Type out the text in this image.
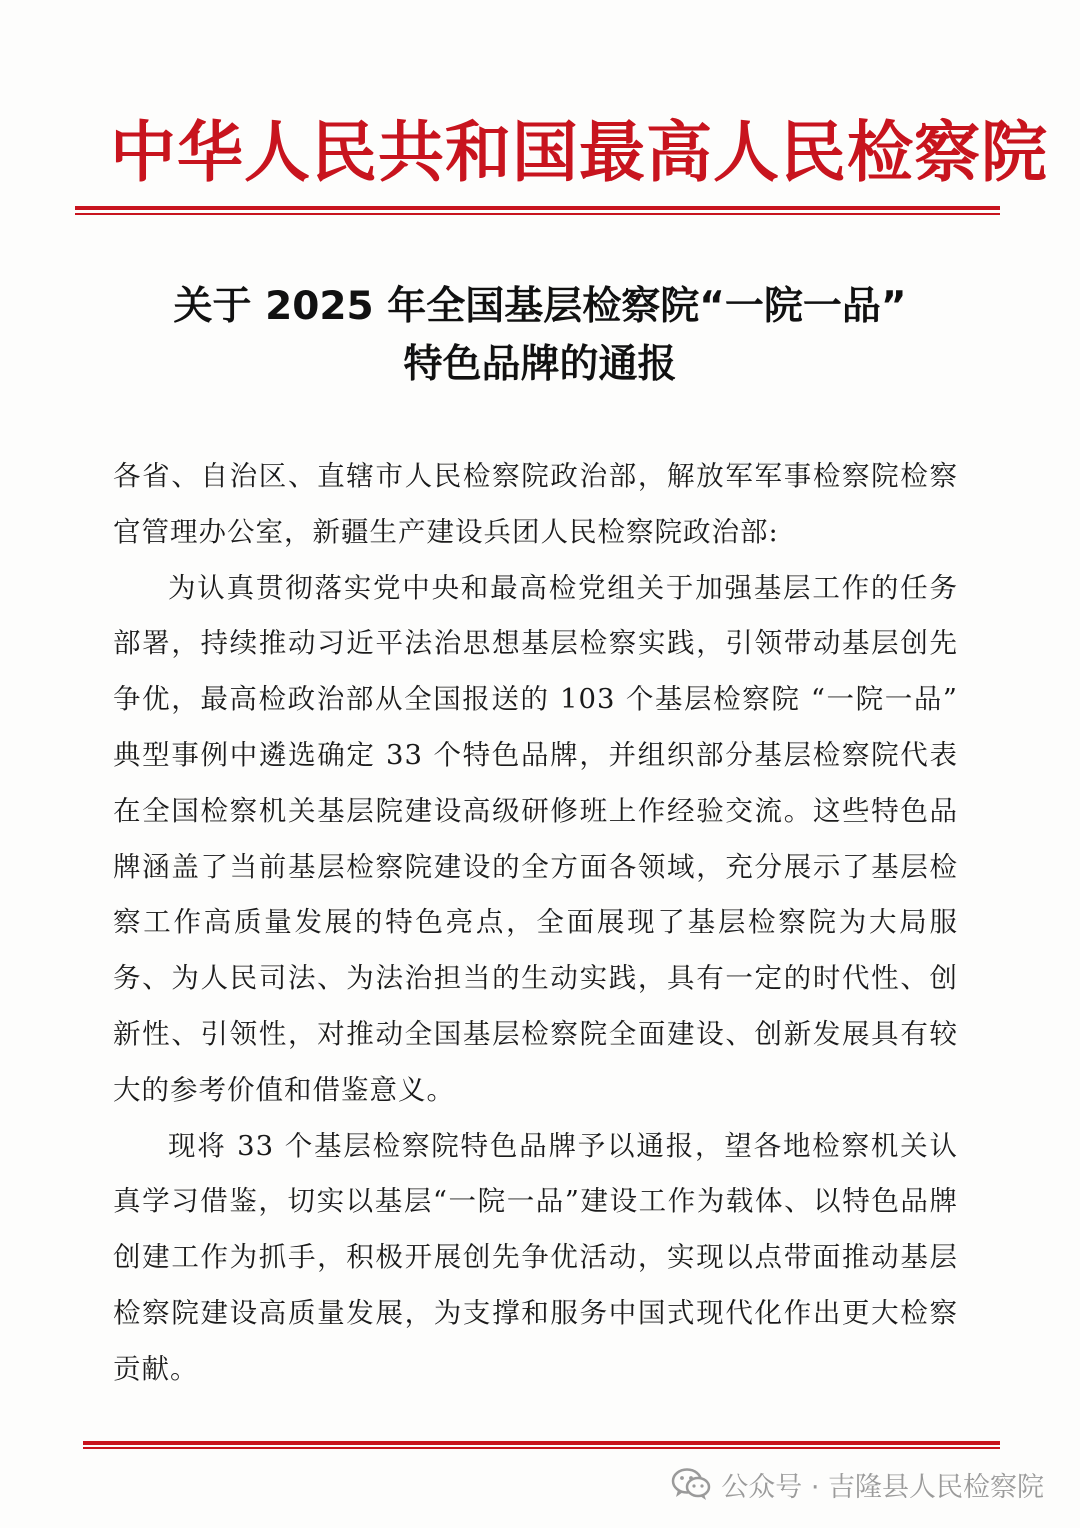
中华人民共和国最高人民检察院
关于 2025 年全国基层检察院“一院一品”
特色品牌的通报

各省、自治区、直辖市人民检察院政治部，解放军军事检察院检察官管理办公室，新疆生产建设兵团人民检察院政治部:

为认真贯彻落实党中央和最高检党组关于加强基层工作的任务部署，持续推动习近平法治思想基层检察实践，引领带动基层创先争优，最高检政治部从全国报送的 103 个基层检察院 “一院一品” 典型事例中遴选确定 33 个特色品牌，并组织部分基层检察院代表在全国检察机关基层院建设高级研修班上作经验交流。这些特色品牌涵盖了当前基层检察院建设的全方面各领域，充分展示了基层检察工作高质量发展的特色亮点，全面展现了基层检察院为大局服务、为人民司法、为法治担当的生动实践，具有一定的时代性、创新性、引领性，对推动全国基层检察院全面建设、创新发展具有较大的参考价值和借鉴意义。

现将 33 个基层检察院特色品牌予以通报，望各地检察机关认真学习借鉴，切实以基层“一院一品”建设工作为载体、以特色品牌创建工作为抓手，积极开展创先争优活动，实现以点带面推动基层检察院建设高质量发展，为支撑和服务中国式现代化作出更大检察贡献。

公众号 · 吉隆县人民检察院
